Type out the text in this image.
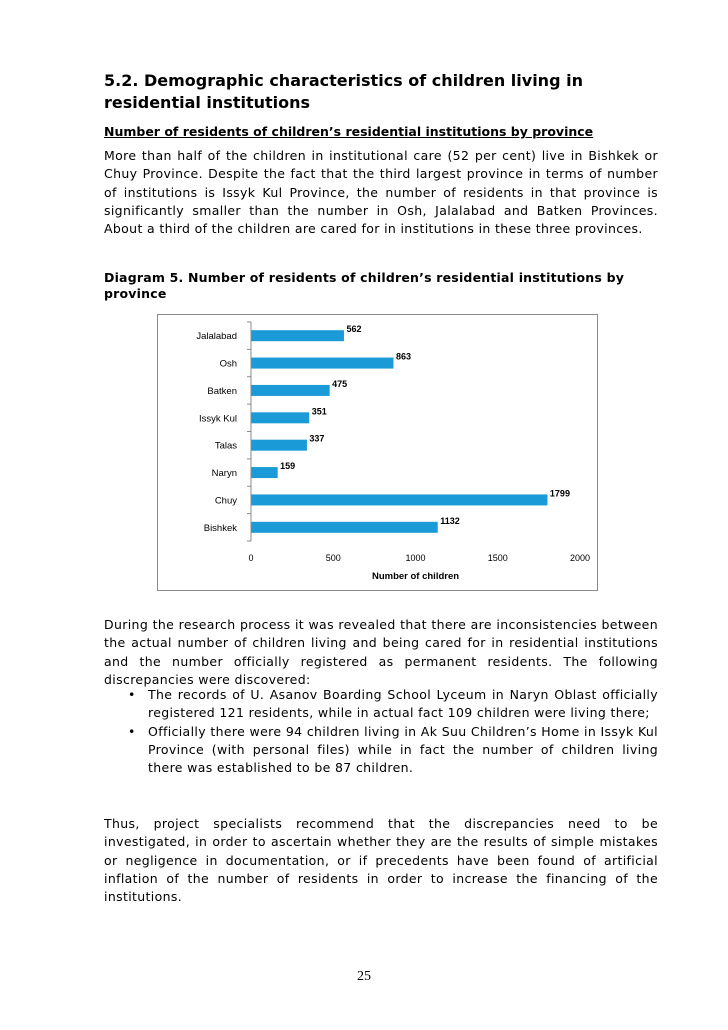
5.2. Demographic characteristics of children living in residential institutions
Number of residents of children’s residential institutions by province

More than half of the children in institutional care (52 per cent) live in Bishkek or Chuy Province. Despite the fact that the third largest province in terms of number of institutions is Issyk Kul Province, the number of residents in that province is significantly smaller than the number in Osh, Jalalabad and Batken Provinces. About a third of the children are cared for in institutions in these three provinces.

Diagram 5. Number of residents of children’s residential institutions by province
Jalalabad
562
Osh
863
Batken
475
Issyk Kul
351
Talas
337
Naryn
159
Chuy
1799
Bishkek
1132
0	500	1000	1500	2000
Number of children

During the research process it was revealed that there are inconsistencies between the actual number of children living and being cared for in residential institutions and the number officially registered as permanent residents. The following discrepancies were discovered:

• The records of U. Asanov Boarding School Lyceum in Naryn Oblast officially registered 121 residents, while in actual fact 109 children were living there;
• Officially there were 94 children living in Ak Suu Children’s Home in Issyk Kul Province (with personal files) while in fact the number of children living there was established to be 87 children.

Thus, project specialists recommend that the discrepancies need to be investigated, in order to ascertain whether they are the results of simple mistakes or negligence in documentation, or if precedents have been found of artificial inflation of the number of residents in order to increase the financing of the institutions.

25
